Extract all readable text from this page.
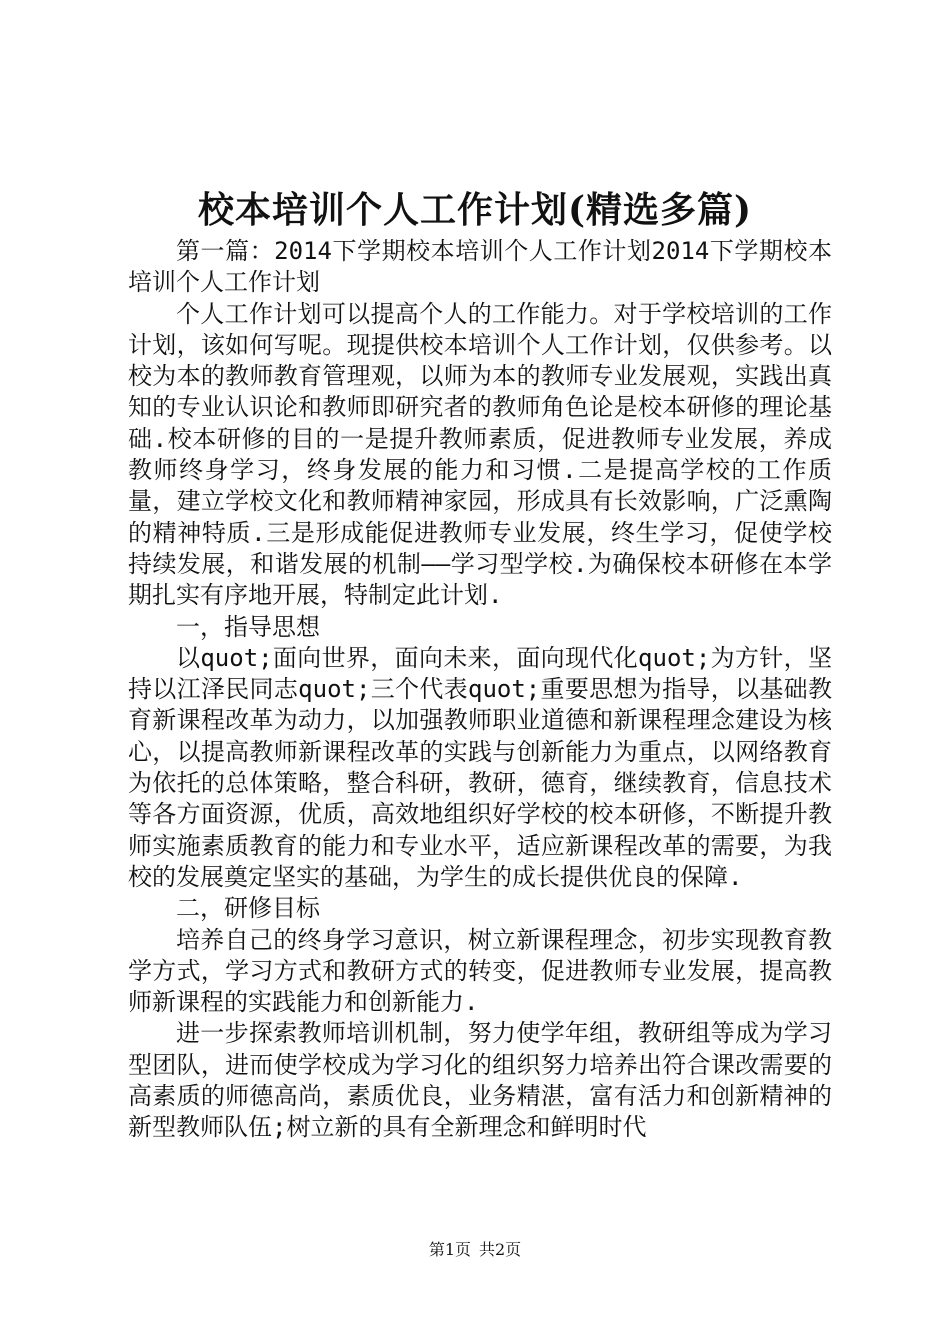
校本培训个人工作计划(精选多篇)

第一篇：2014下学期校本培训个人工作计划2014下学期校本培训个人工作计划

个人工作计划可以提高个人的工作能力。对于学校培训的工作计划，该如何写呢。现提供校本培训个人工作计划，仅供参考。以校为本的教师教育管理观，以师为本的教师专业发展观，实践出真知的专业认识论和教师即研究者的教师角色论是校本研修的理论基础.校本研修的目的一是提升教师素质，促进教师专业发展，养成教师终身学习，终身发展的能力和习惯.二是提高学校的工作质量，建立学校文化和教师精神家园，形成具有长效影响，广泛熏陶的精神特质.三是形成能促进教师专业发展，终生学习，促使学校持续发展，和谐发展的机制——学习型学校.为确保校本研修在本学期扎实有序地开展，特制定此计划.

一，指导思想

以quot;面向世界，面向未来，面向现代化quot;为方针，坚持以江泽民同志quot;三个代表quot;重要思想为指导，以基础教育新课程改革为动力，以加强教师职业道德和新课程理念建设为核心，以提高教师新课程改革的实践与创新能力为重点，以网络教育为依托的总体策略，整合科研，教研，德育，继续教育，信息技术等各方面资源，优质，高效地组织好学校的校本研修，不断提升教师实施素质教育的能力和专业水平，适应新课程改革的需要，为我校的发展奠定坚实的基础，为学生的成长提供优良的保障.

二，研修目标

培养自己的终身学习意识，树立新课程理念，初步实现教育教学方式，学习方式和教研方式的转变，促进教师专业发展，提高教师新课程的实践能力和创新能力.

进一步探索教师培训机制，努力使学年组，教研组等成为学习型团队，进而使学校成为学习化的组织努力培养出符合课改需要的高素质的师德高尚，素质优良，业务精湛，富有活力和创新精神的新型教师队伍;树立新的具有全新理念和鲜明时代

第1页 共2页
